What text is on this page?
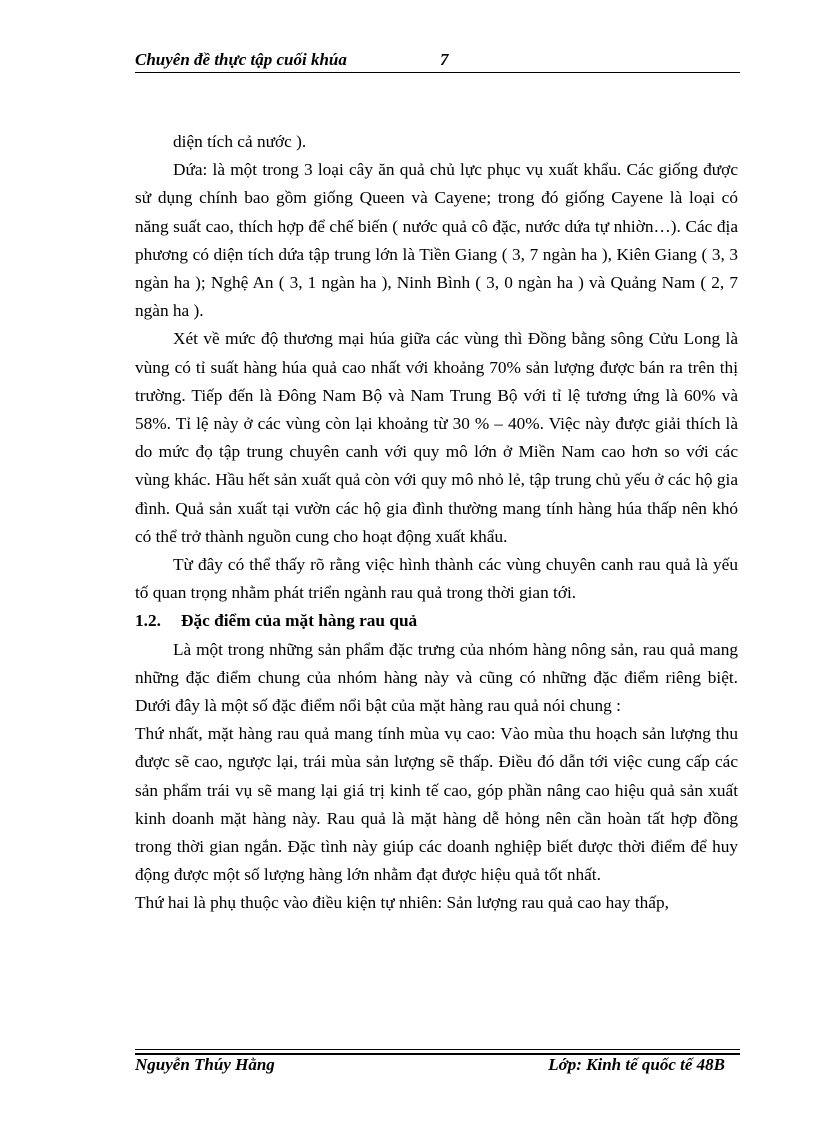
Chuyên đề thực tập cuối khúa	7

diện tích cả nước ).

Dứa: là một trong 3 loại cây ăn quả chủ lực phục vụ xuất khẩu. Các giống được sử dụng chính bao gồm giống Queen và Cayene; trong đó giống Cayene là loại có năng suất cao, thích hợp để chế biến ( nước quả cô đặc, nước dứa tự nhiờn…). Các địa phương có diện tích dứa tập trung lớn là Tiền Giang ( 3, 7 ngàn ha ), Kiên Giang ( 3, 3 ngàn ha ); Nghệ An ( 3, 1 ngàn ha ), Ninh Bình ( 3, 0 ngàn ha ) và Quảng Nam ( 2, 7 ngàn ha ).

Xét về mức độ thương mại húa giữa các vùng thì Đồng bằng sông Cửu Long là vùng có tỉ suất hàng húa quả cao nhất với khoảng 70% sản lượng được bán ra trên thị trường. Tiếp đến là Đông Nam Bộ và Nam Trung Bộ với tỉ lệ tương ứng là 60% và 58%. Tỉ lệ này ở các vùng còn lại khoảng từ 30 % – 40%. Việc này được giải thích là do mức đọ tập trung chuyên canh với quy mô lớn ở Miền Nam cao hơn so với các vùng khác. Hầu hết sản xuất quả còn với quy mô nhỏ lẻ, tập trung chủ yếu ở các hộ gia đình. Quả sản xuất tại vườn các hộ gia đình thường mang tính hàng húa thấp nên khó có thể trở thành nguồn cung cho hoạt động xuất khẩu.

Từ đây có thể thấy rõ rằng việc hình thành các vùng chuyên canh rau quả là yếu tố quan trọng nhằm phát triển ngành rau quả trong thời gian tới.

1.2. Đặc điểm của mặt hàng rau quả

Là một trong những sản phẩm đặc trưng của nhóm hàng nông sản, rau quả mang những đặc điểm chung của nhóm hàng này và cũng có những đặc điểm riêng biệt. Dưới đây là một số đặc điểm nổi bật của mặt hàng rau quả nói chung :

Thứ nhất, mặt hàng rau quả mang tính mùa vụ cao: Vào mùa thu hoạch sản lượng thu được sẽ cao, ngược lại, trái mùa sản lượng sẽ thấp. Điều đó dẫn tới việc cung cấp các sản phẩm trái vụ sẽ mang lại giá trị kinh tế cao, góp phần nâng cao hiệu quả sản xuất kinh doanh mặt hàng này. Rau quả là mặt hàng dễ hỏng nên cần hoàn tất hợp đồng trong thời gian ngắn. Đặc tình này giúp các doanh nghiệp biết được thời điểm để huy động được một số lượng hàng lớn nhằm đạt được hiệu quả tốt nhất.

Thứ hai là phụ thuộc vào điều kiện tự nhiên: Sản lượng rau quả cao hay thấp,

Nguyễn Thúy Hằng	Lớp: Kinh tế quốc tế 48B
